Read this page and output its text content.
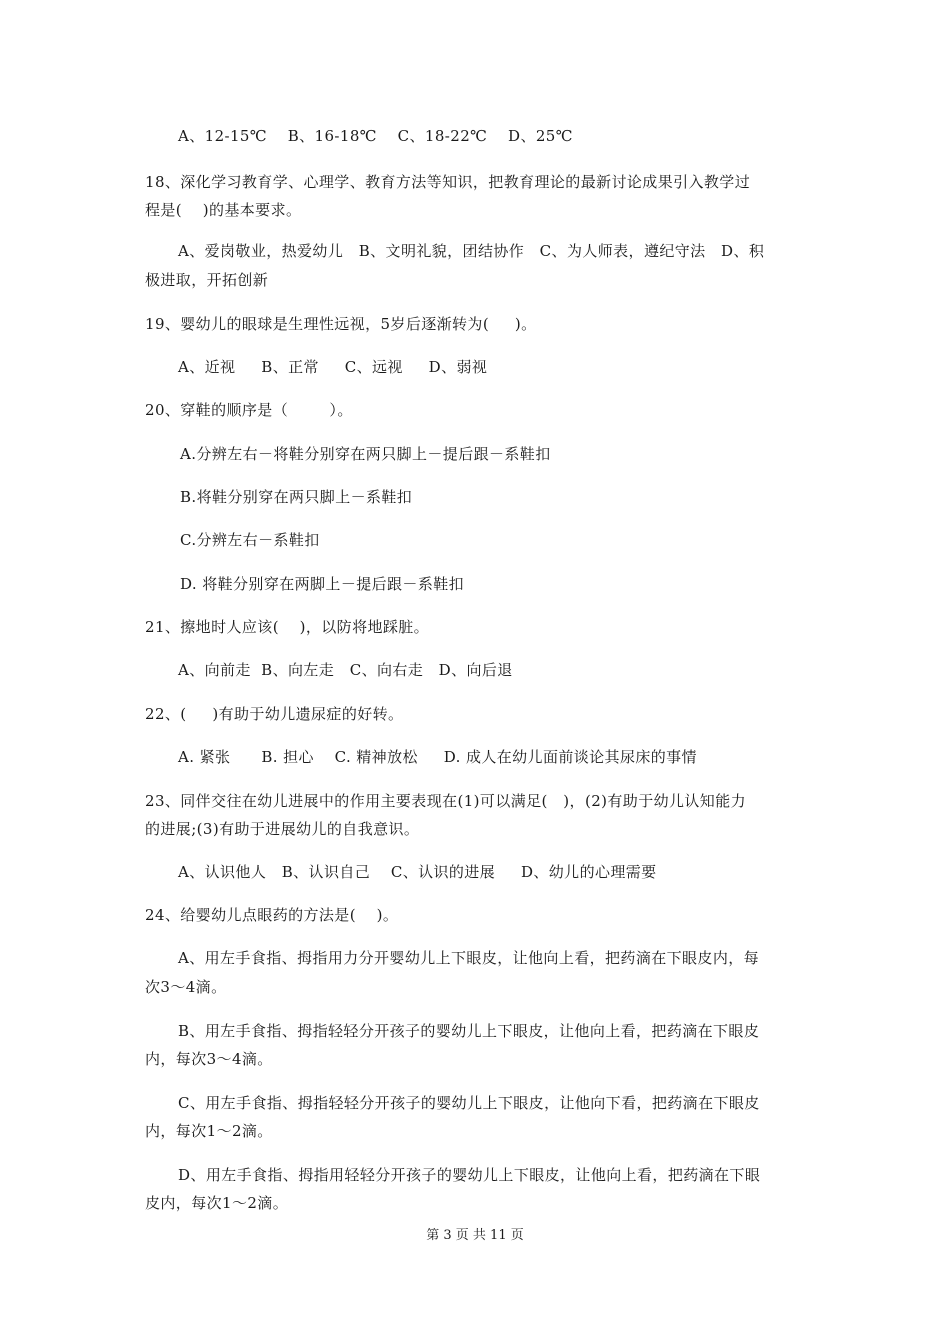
A、12-15℃    B、16-18℃    C、18-22℃    D、25℃
18、深化学习教育学、心理学、教育方法等知识，把教育理论的最新讨论成果引入教学过
程是(    )的基本要求。
A、爱岗敬业，热爱幼儿   B、文明礼貌，团结协作   C、为人师表，遵纪守法   D、积
极进取，开拓创新
19、婴幼儿的眼球是生理性远视，5岁后逐渐转为(     )。
A、近视     B、正常     C、远视     D、弱视
20、穿鞋的顺序是（        ）。
A.分辨左右－将鞋分别穿在两只脚上－提后跟－系鞋扣
B.将鞋分别穿在两只脚上－系鞋扣
C.分辨左右－系鞋扣
D. 将鞋分别穿在两脚上－提后跟－系鞋扣
21、擦地时人应该(    )，以防将地踩脏。
A、向前走  B、向左走   C、向右走   D、向后退
22、(     )有助于幼儿遗尿症的好转。
A. 紧张      B. 担心    C. 精神放松     D. 成人在幼儿面前谈论其尿床的事情
23、同伴交往在幼儿进展中的作用主要表现在(1)可以满足(   )，(2)有助于幼儿认知能力
的进展;(3)有助于进展幼儿的自我意识。
A、认识他人   B、认识自己    C、认识的进展     D、幼儿的心理需要
24、给婴幼儿点眼药的方法是(    )。
A、用左手食指、拇指用力分开婴幼儿上下眼皮，让他向上看，把药滴在下眼皮内，每
次3～4滴。
B、用左手食指、拇指轻轻分开孩子的婴幼儿上下眼皮，让他向上看，把药滴在下眼皮
内，每次3～4滴。
C、用左手食指、拇指轻轻分开孩子的婴幼儿上下眼皮，让他向下看，把药滴在下眼皮
内，每次1～2滴。
D、用左手食指、拇指用轻轻分开孩子的婴幼儿上下眼皮，让他向上看，把药滴在下眼
皮内，每次1～2滴。
第 3 页 共 11 页
